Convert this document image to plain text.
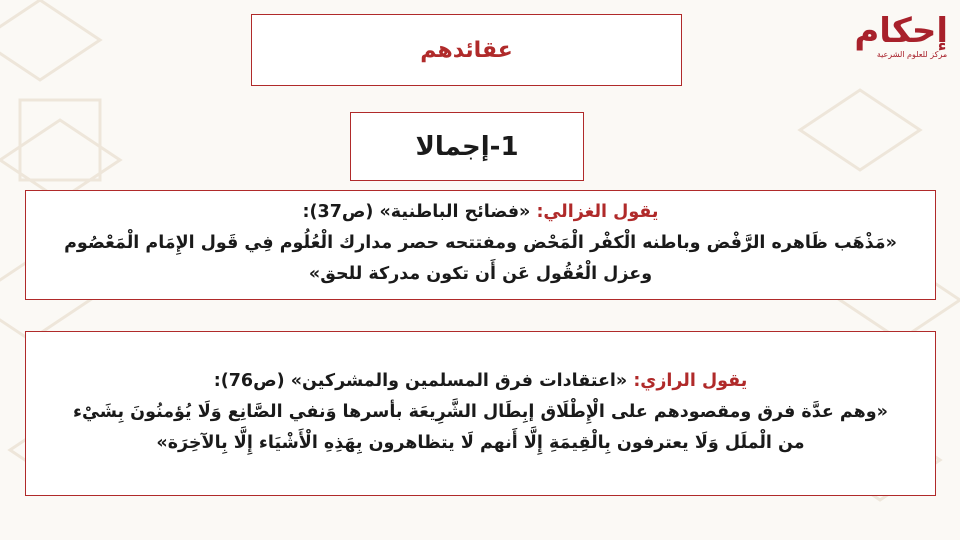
إحكام
مركز للعلوم الشرعية
عقائدهم
1-إجمالا
يقول الغزالي: «فضائح الباطنية» (ص37):
«مَذْهَب ظَاهره الرَّفْض وباطنه الْكفْر الْمَحْض ومفتتحه حصر مدارك الْعُلُوم فِي قَول الإِمَام الْمَعْصُوم
وعزل الْعُقُول عَن أَن تكون مدركة للحق»
يقول الرازي: «اعتقادات فرق المسلمين والمشركين» (ص76):
«وهم عدَّة فرق ومقصودهم على الْإِطْلَاق إبِطَال الشَّرِيعَة بأسرها وَنفي الصَّانِع وَلَا يُؤمنُونَ بِشَيْء
من الْملَل وَلَا يعترفون بِالْقِيمَةِ إِلَّا أَنهم لَا يتظاهرون بِهَذِهِ الْأَشْيَاء إِلَّا بِالآخِرَة»
